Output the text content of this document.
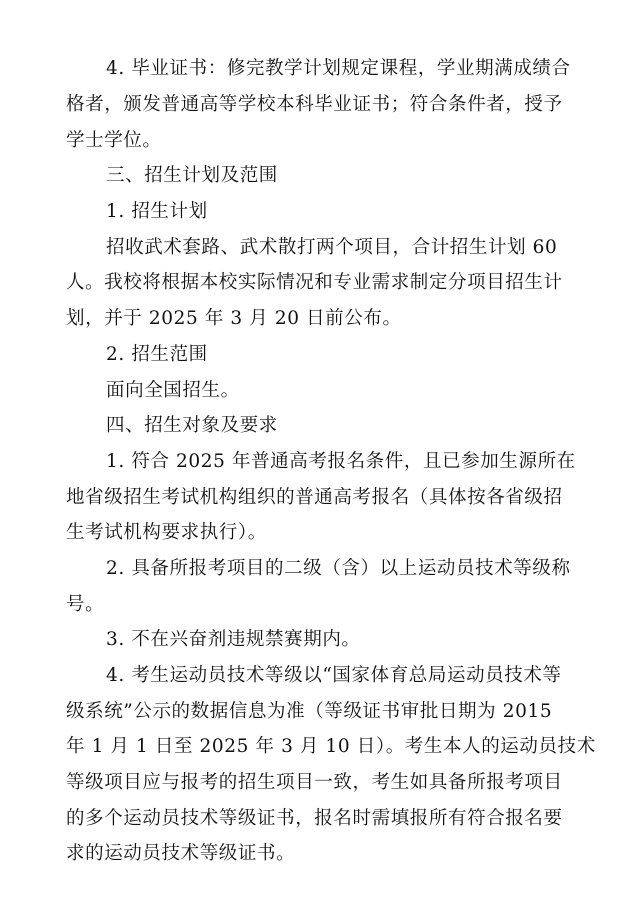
4. 毕业证书：修完教学计划规定课程，学业期满成绩合
格者，颁发普通高等学校本科毕业证书；符合条件者，授予
学士学位。
三、招生计划及范围
1. 招生计划
招收武术套路、武术散打两个项目，合计招生计划 60
人。我校将根据本校实际情况和专业需求制定分项目招生计
划，并于 2025 年 3 月 20 日前公布。
2. 招生范围
面向全国招生。
四、招生对象及要求
1. 符合 2025 年普通高考报名条件，且已参加生源所在
地省级招生考试机构组织的普通高考报名（具体按各省级招
生考试机构要求执行）。
2. 具备所报考项目的二级（含）以上运动员技术等级称
号。
3. 不在兴奋剂违规禁赛期内。
4. 考生运动员技术等级以“国家体育总局运动员技术等
级系统”公示的数据信息为准（等级证书审批日期为 2015
年 1 月 1 日至 2025 年 3 月 10 日）。考生本人的运动员技术
等级项目应与报考的招生项目一致，考生如具备所报考项目
的多个运动员技术等级证书，报名时需填报所有符合报名要
求的运动员技术等级证书。
